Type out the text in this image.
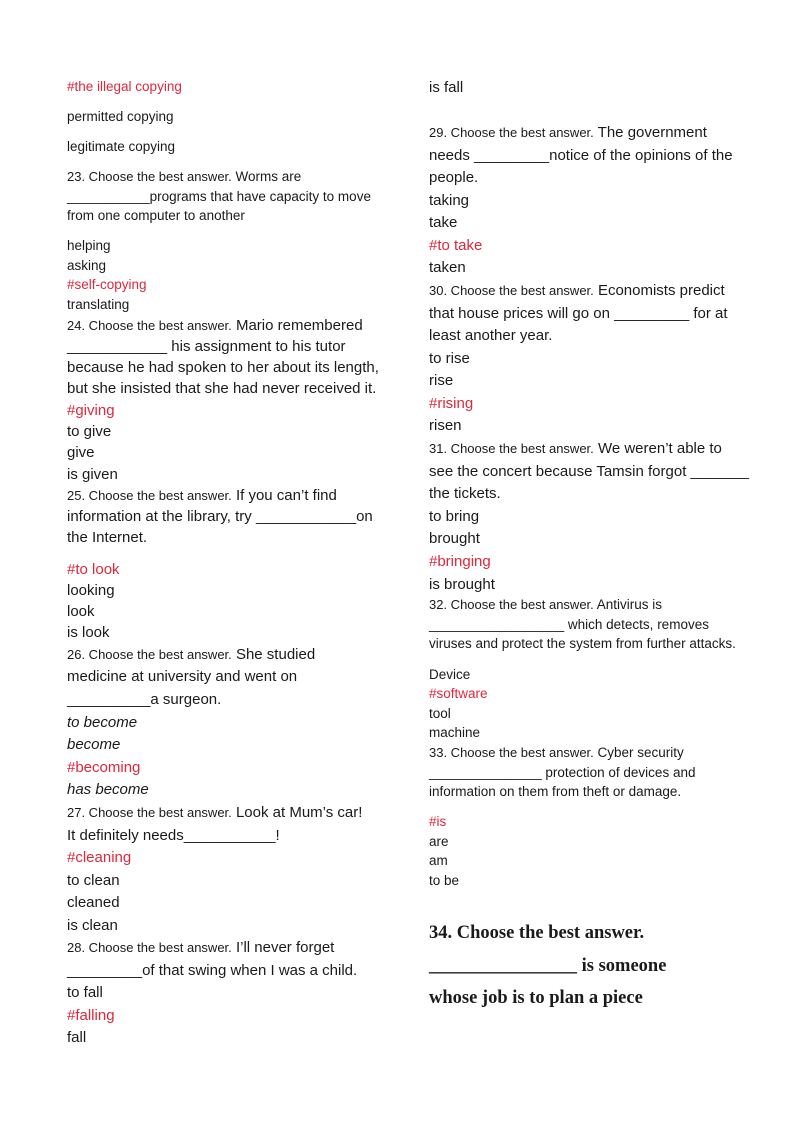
#the illegal copying
permitted copying
legitimate copying
23. Choose the best answer. Worms are
___________programs that have capacity to move
from one computer to another
helping
asking
#self-copying
translating
24. Choose the best answer. Mario remembered
____________ his assignment to his tutor
because he had spoken to her about its length,
but she insisted that she had never received it.
#giving
to give
give
is given
25. Choose the best answer. If you can’t find
information at the library, try ____________on
the Internet.
#to look
looking
look
is look
26. Choose the best answer. She studied
medicine at university and went on
__________a surgeon.
to become
become
#becoming
has become
27. Choose the best answer. Look at Mum’s car!
It definitely needs___________!
#cleaning
to clean
cleaned
is clean
28. Choose the best answer. I’ll never forget
_________of that swing when I was a child.
to fall
#falling
fall
is fall
29. Choose the best answer. The government
needs _________notice of the opinions of the
people.
taking
take
#to take
taken
30. Choose the best answer. Economists predict
that house prices will go on _________ for at
least another year.
to rise
rise
#rising
risen
31. Choose the best answer. We weren’t able to
see the concert because Tamsin forgot _______
the tickets.
to bring
brought
#bringing
is brought
32. Choose the best answer. Antivirus is
__________________ which detects, removes
viruses and protect the system from further attacks.
Device
#software
tool
machine
33. Choose the best answer. Cyber security
_______________ protection of devices and
information on them from theft or damage.
#is
are
am
to be
34. Choose the best answer.
________________ is someone
whose job is to plan a piece
